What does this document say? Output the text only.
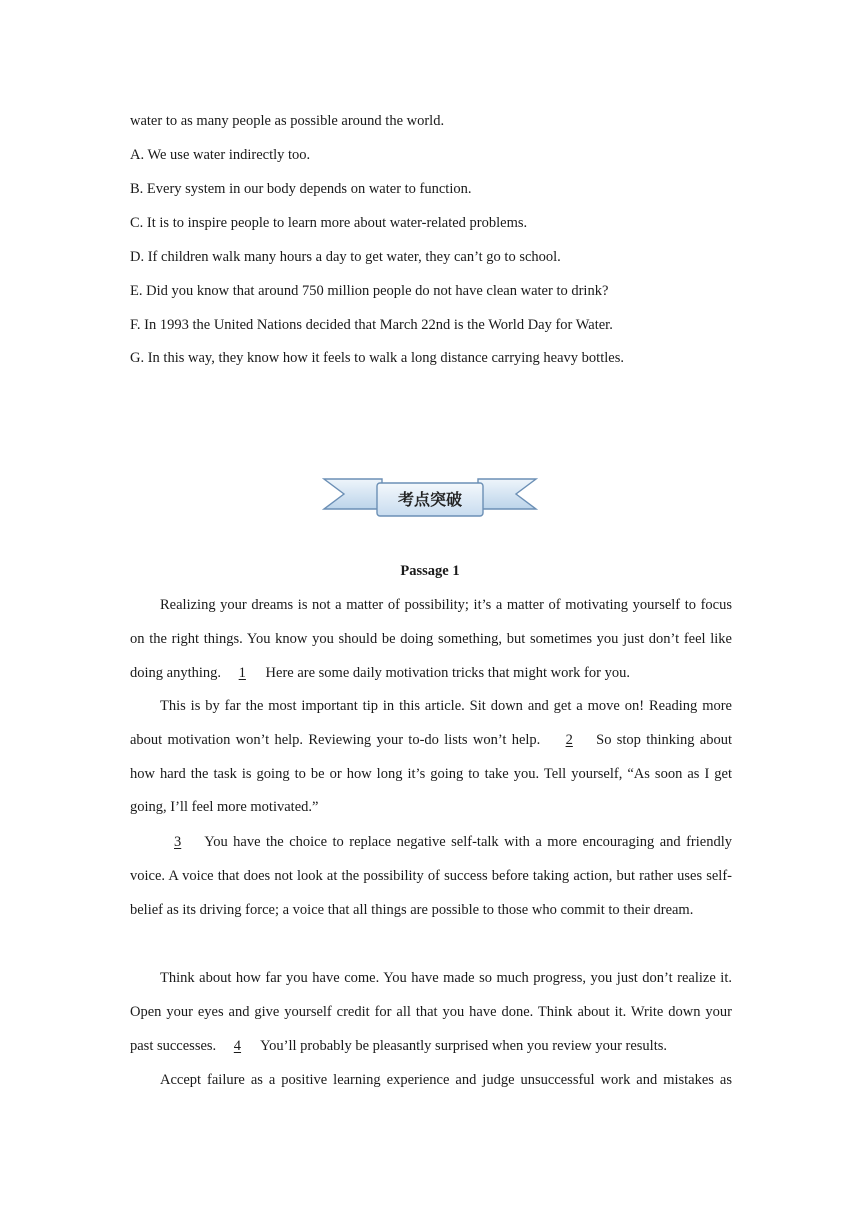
water to as many people as possible around the world.
A. We use water indirectly too.
B. Every system in our body depends on water to function.
C. It is to inspire people to learn more about water-related problems.
D. If children walk many hours a day to get water, they can’t go to school.
E. Did you know that around 750 million people do not have clean water to drink?
F. In 1993 the United Nations decided that March 22nd is the World Day for Water.
G. In this way, they know how it feels to walk a long distance carrying heavy bottles.
考点突破
Passage 1
Realizing your dreams is not a matter of possibility; it’s a matter of motivating yourself to focus on the right things. You know you should be doing something, but sometimes you just don’t feel like doing anything. 1 Here are some daily motivation tricks that might work for you.
This is by far the most important tip in this article. Sit down and get a move on! Reading more about motivation won’t help. Reviewing your to-do lists won’t help. 2 So stop thinking about how hard the task is going to be or how long it’s going to take you. Tell yourself, “As soon as I get going, I’ll feel more motivated.”
3 You have the choice to replace negative self-talk with a more encouraging and friendly voice. A voice that does not look at the possibility of success before taking action, but rather uses self-belief as its driving force; a voice that all things are possible to those who commit to their dream.
Think about how far you have come. You have made so much progress, you just don’t realize it. Open your eyes and give yourself credit for all that you have done. Think about it. Write down your past successes. 4 You’ll probably be pleasantly surprised when you review your results.
Accept failure as a positive learning experience and judge unsuccessful work and mistakes as
